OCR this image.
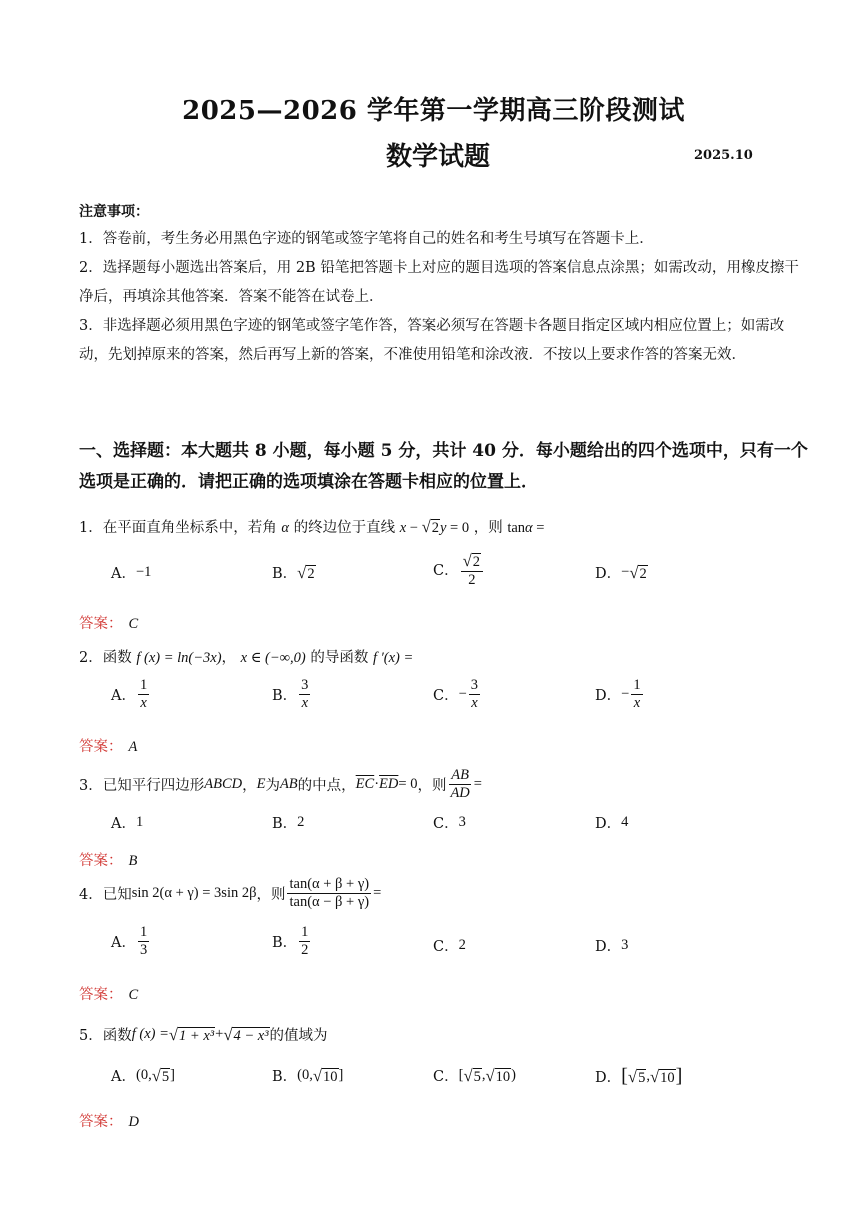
2025—2026 学年第一学期高三阶段测试
数学试题	2025.10
注意事项：
1．答卷前，考生务必用黑色字迹的钢笔或签字笔将自己的姓名和考生号填写在答题卡上．
2．选择题每小题选出答案后，用 2B 铅笔把答题卡上对应的题目选项的答案信息点涂黑；如需改动，用橡皮擦干净后，再填涂其他答案．答案不能答在试卷上．
3．非选择题必须用黑色字迹的钢笔或签字笔作答，答案必须写在答题卡各题目指定区域内相应位置上；如需改动，先划掉原来的答案，然后再写上新的答案，不准使用铅笔和涂改液．不按以上要求作答的答案无效．
一、选择题：本大题共 8 小题，每小题 5 分，共计 40 分．每小题给出的四个选项中，只有一个选项是正确的．请把正确的选项填涂在答题卡相应的位置上．
1．在平面直角坐标系中，若角 α 的终边位于直线 x − √ 2 y = 0 ，则 tanα =
A． −1	B． √ 2	C． $\frac{√ 2}{2}$	D． − √ 2
答案： C
2．函数 f (x) = ln(−3x)， x ∈ (−∞,0) 的导函数 f ′(x) =
A． $\frac{1}{x}$	B． $\frac{3}{x}$	C． − $\frac{3}{x}$	D． − $\frac{1}{x}$
答案： A
3．已知平行四边形 ABCD ， E 为 AB 的中点， $\overline{EC} \cdot \overline{ED} = 0$ ，则 $\frac{AB}{AD}$ =
A． 1	B． 2	C． 3	D． 4
答案： B
4．已知 sin 2(α + γ) = 3sin 2β ，则 $\frac{\tan(\alpha + \beta + \gamma)}{\tan(\alpha - \beta + \gamma)}$ =
A． $\frac{1}{3}$	B． $\frac{1}{2}$	C． 2	D． 3
答案： C
5．函数 f (x) = √ 1 + x³ + √ 4 − x³ 的值域为
A． (0, √ 5 ]	B． (0, √ 10 ]	C． [ √ 5 , √ 10 )	D． [ √ 5 , √ 10 ]
答案： D
